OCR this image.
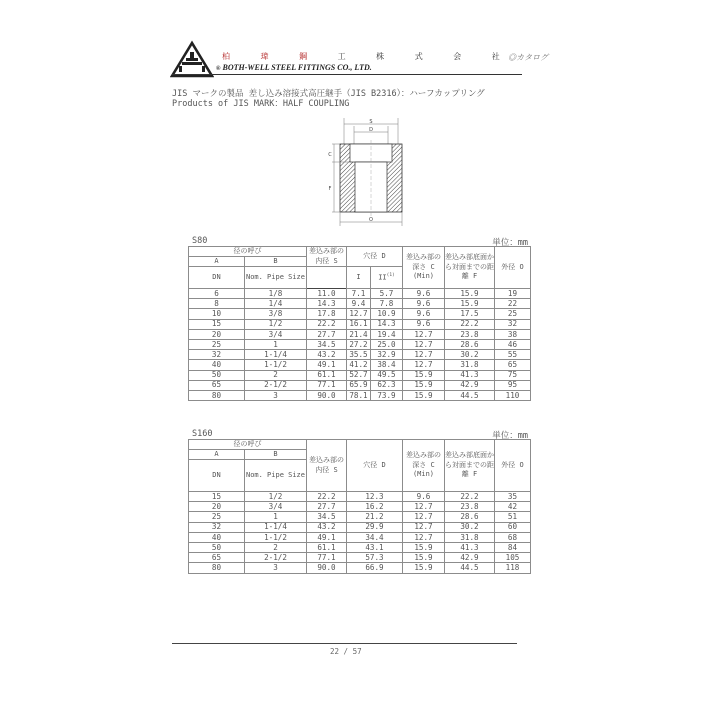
柏 瑋 鋼 工 株 式 会 社
® BOTH-WELL STEEL FITTINGS CO., LTD.
◎カタログ
JIS マークの製品 差し込み溶接式高圧継手（JIS B2316）：ハーフカップリング
Products of JIS MARK：HALF COUPLING
S
D
C
F
O
S80	単位：mm
径の呼び		差込み部の内径 S	穴径 D		差込み部の深さ C (Min)	差込み部底面から対面までの距離 F	外径 O
A	B						
DN	Nom. Pipe Size		I	II$^{(1)}$

6	1/8	11.0	7.1	5.7	9.6	15.9	19
8	1/4	14.3	9.4	7.8	9.6	15.9	22
10	3/8	17.8	12.7	10.9	9.6	17.5	25
15	1/2	22.2	16.1	14.3	9.6	22.2	32
20	3/4	27.7	21.4	19.4	12.7	23.8	38
25	1	34.5	27.2	25.0	12.7	28.6	46
32	1-1/4	43.2	35.5	32.9	12.7	30.2	55
40	1-1/2	49.1	41.2	38.4	12.7	31.8	65
50	2	61.1	52.7	49.5	15.9	41.3	75
65	2-1/2	77.1	65.9	62.3	15.9	42.9	95
80	3	90.0	78.1	73.9	15.9	44.5	110
S160	単位：mm
径の呼び		差込み部の内径 S	穴径 D	差込み部の深さ C (Min)	差込み部底面から対面までの距離 F	外径 O
A	B					
DN	Nom. Pipe Size					
15	1/2	22.2	12.3	9.6	22.2	35
20	3/4	27.7	16.2	12.7	23.8	42
25	1	34.5	21.2	12.7	28.6	51
32	1-1/4	43.2	29.9	12.7	30.2	60
40	1-1/2	49.1	34.4	12.7	31.8	68
50	2	61.1	43.1	15.9	41.3	84
65	2-1/2	77.1	57.3	15.9	42.9	105
80	3	90.0	66.9	15.9	44.5	118
22 / 57
